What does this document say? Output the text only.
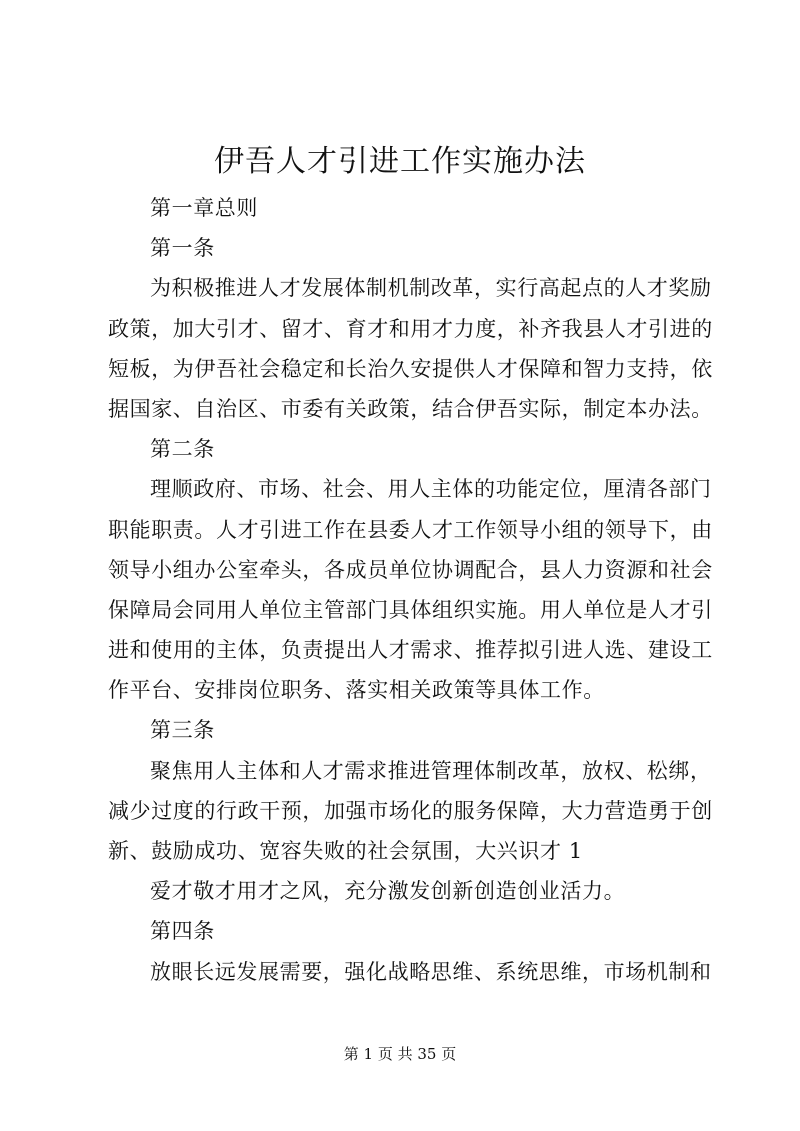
伊吾人才引进工作实施办法

第一章总则

第一条

为积极推进人才发展体制机制改革，实行高起点的人才奖励

政策，加大引才、留才、育才和用才力度，补齐我县人才引进的

短板，为伊吾社会稳定和长治久安提供人才保障和智力支持，依

据国家、自治区、市委有关政策，结合伊吾实际，制定本办法。

第二条

理顺政府、市场、社会、用人主体的功能定位，厘清各部门

职能职责。人才引进工作在县委人才工作领导小组的领导下，由

领导小组办公室牵头，各成员单位协调配合，县人力资源和社会

保障局会同用人单位主管部门具体组织实施。用人单位是人才引

进和使用的主体，负责提出人才需求、推荐拟引进人选、建设工

作平台、安排岗位职务、落实相关政策等具体工作。

第三条

聚焦用人主体和人才需求推进管理体制改革，放权、松绑，

减少过度的行政干预，加强市场化的服务保障，大力营造勇于创

新、鼓励成功、宽容失败的社会氛围，大兴识才 1

爱才敬才用才之风，充分激发创新创造创业活力。

第四条

放眼长远发展需要，强化战略思维、系统思维，市场机制和

第 1 页 共 35 页
